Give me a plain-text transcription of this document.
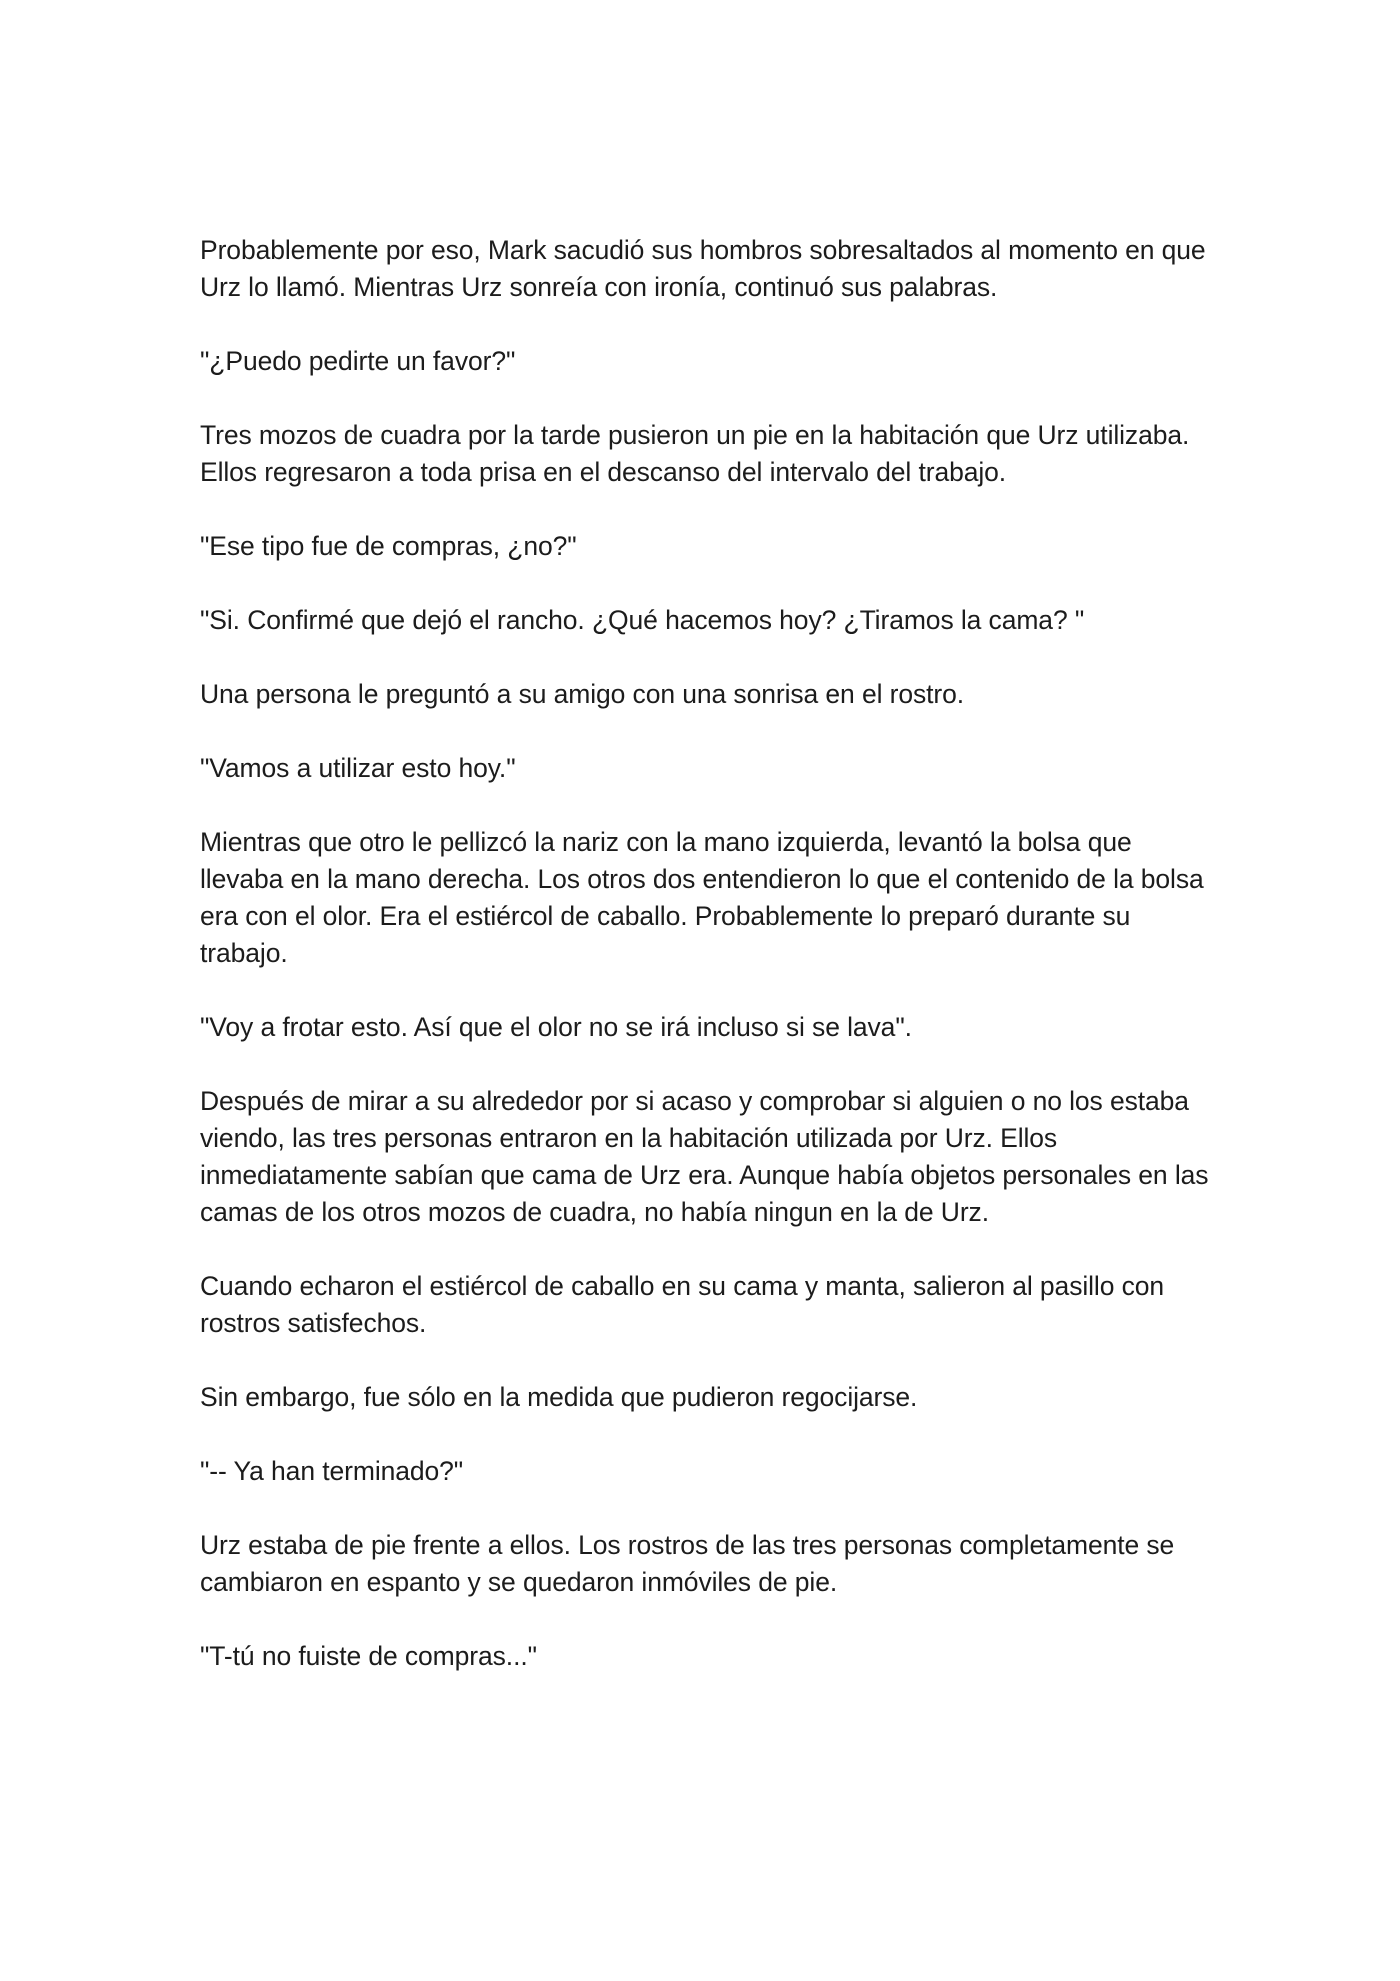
Probablemente por eso, Mark sacudió sus hombros sobresaltados al momento en que Urz lo llamó. Mientras Urz sonreía con ironía, continuó sus palabras.

"¿Puedo pedirte un favor?"

Tres mozos de cuadra por la tarde pusieron un pie en la habitación que Urz utilizaba. Ellos regresaron a toda prisa en el descanso del intervalo del trabajo.

"Ese tipo fue de compras, ¿no?"

"Si. Confirmé que dejó el rancho. ¿Qué hacemos hoy? ¿Tiramos la cama? "

Una persona le preguntó a su amigo con una sonrisa en el rostro.

"Vamos a utilizar esto hoy."

Mientras que otro le pellizcó la nariz con la mano izquierda, levantó la bolsa que llevaba en la mano derecha. Los otros dos entendieron lo que el contenido de la bolsa era con el olor. Era el estiércol de caballo. Probablemente lo preparó durante su trabajo.

"Voy a frotar esto. Así que el olor no se irá incluso si se lava".

Después de mirar a su alrededor por si acaso y comprobar si alguien o no los estaba viendo, las tres personas entraron en la habitación utilizada por Urz. Ellos inmediatamente sabían que cama de Urz era. Aunque había objetos personales en las camas de los otros mozos de cuadra, no había ningun en la de Urz.

Cuando echaron el estiércol de caballo en su cama y manta, salieron al pasillo con rostros satisfechos.

Sin embargo, fue sólo en la medida que pudieron regocijarse.

"-- Ya han terminado?"

Urz estaba de pie frente a ellos. Los rostros de las tres personas completamente se cambiaron en espanto y se quedaron inmóviles de pie.

"T-tú no fuiste de compras..."
